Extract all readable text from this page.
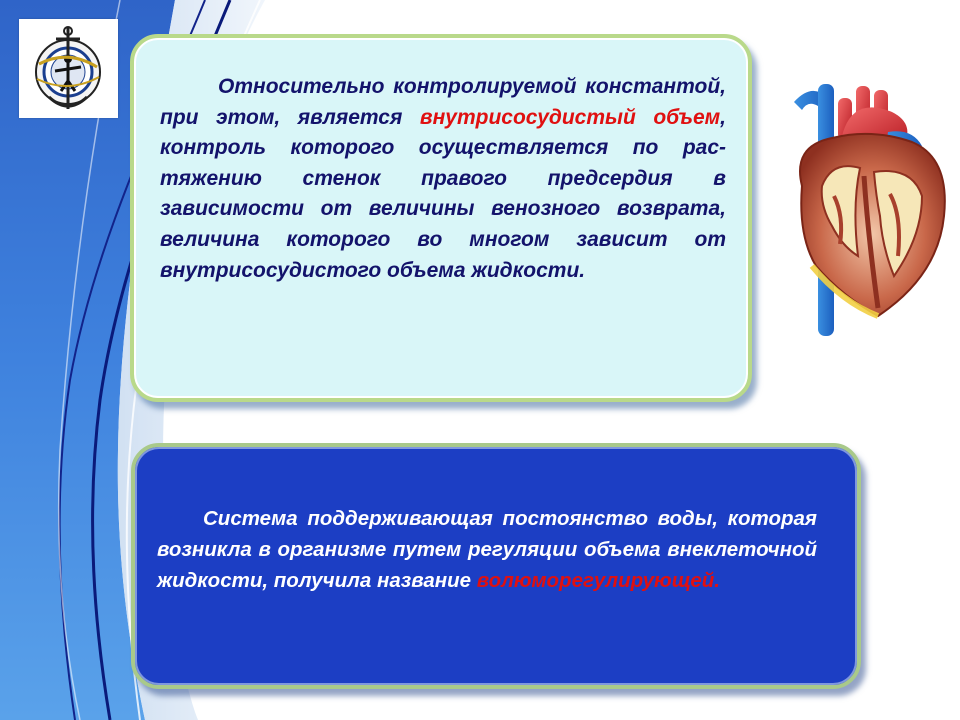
Относительно контролируемой константой, при этом, является внутрисосудистый объем, контроль которого осуществляется по рас-тяжению стенок правого предсердия в зависимости от величины венозного возврата, величина которого во многом зависит от внутрисосудистого объема жидкости.

Система поддерживающая постоянство воды, которая возникла в организме путем регуляции объема внеклеточной жидкости, получила название волюморегулирующей.
